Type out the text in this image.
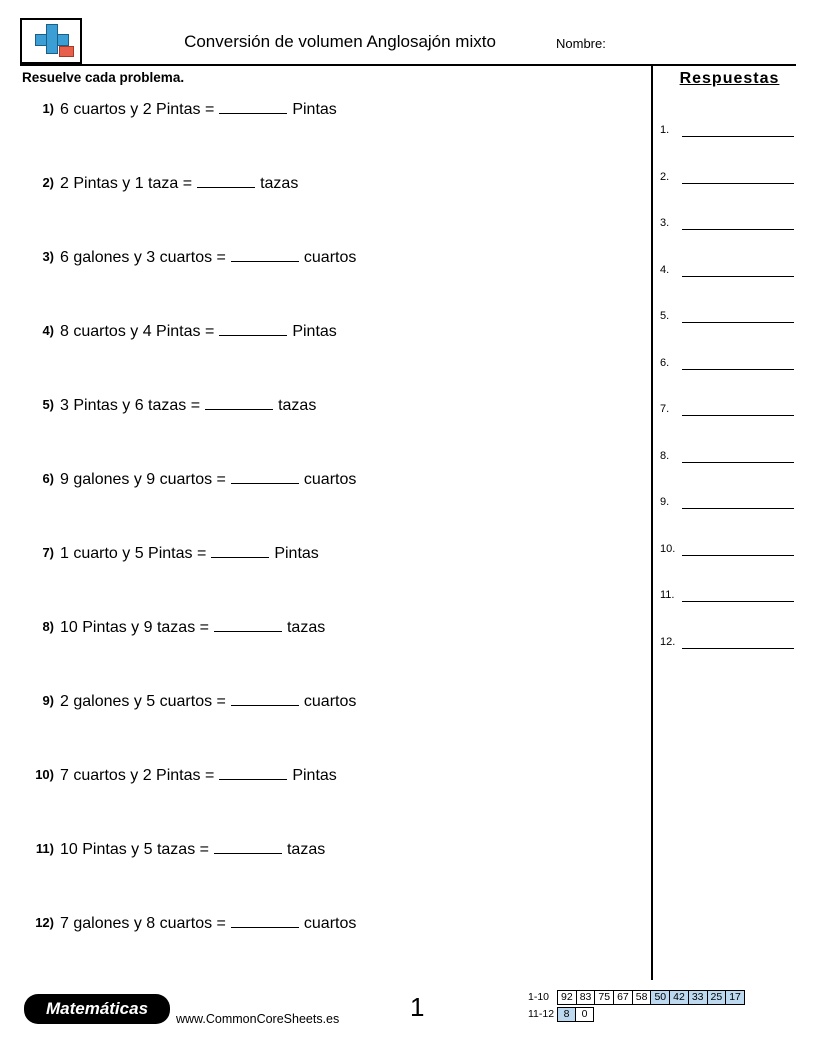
Conversión de volumen Anglosajón mixto	Nombre:
Resuelve cada problema.
1) 6 cuartos y 2 Pintas =	Pintas
2) 2 Pintas y 1 taza =	tazas
3) 6 galones y 3 cuartos =	cuartos
4) 8 cuartos y 4 Pintas =	Pintas
5) 3 Pintas y 6 tazas =	tazas
6) 9 galones y 9 cuartos =	cuartos
7) 1 cuarto y 5 Pintas =	Pintas
8) 10 Pintas y 9 tazas =	tazas
9) 2 galones y 5 cuartos =	cuartos
10) 7 cuartos y 2 Pintas =	Pintas
11) 10 Pintas y 5 tazas =	tazas
12) 7 galones y 8 cuartos =	cuartos
Respuestas
1.
2.
3.
4.
5.
6.
7.
8.
9.
10.
11.
12.
Matemáticas
www.CommonCoreSheets.es	1	1-10	92 83 75 67 58 50 42 33 25 17
11-12 8	0
